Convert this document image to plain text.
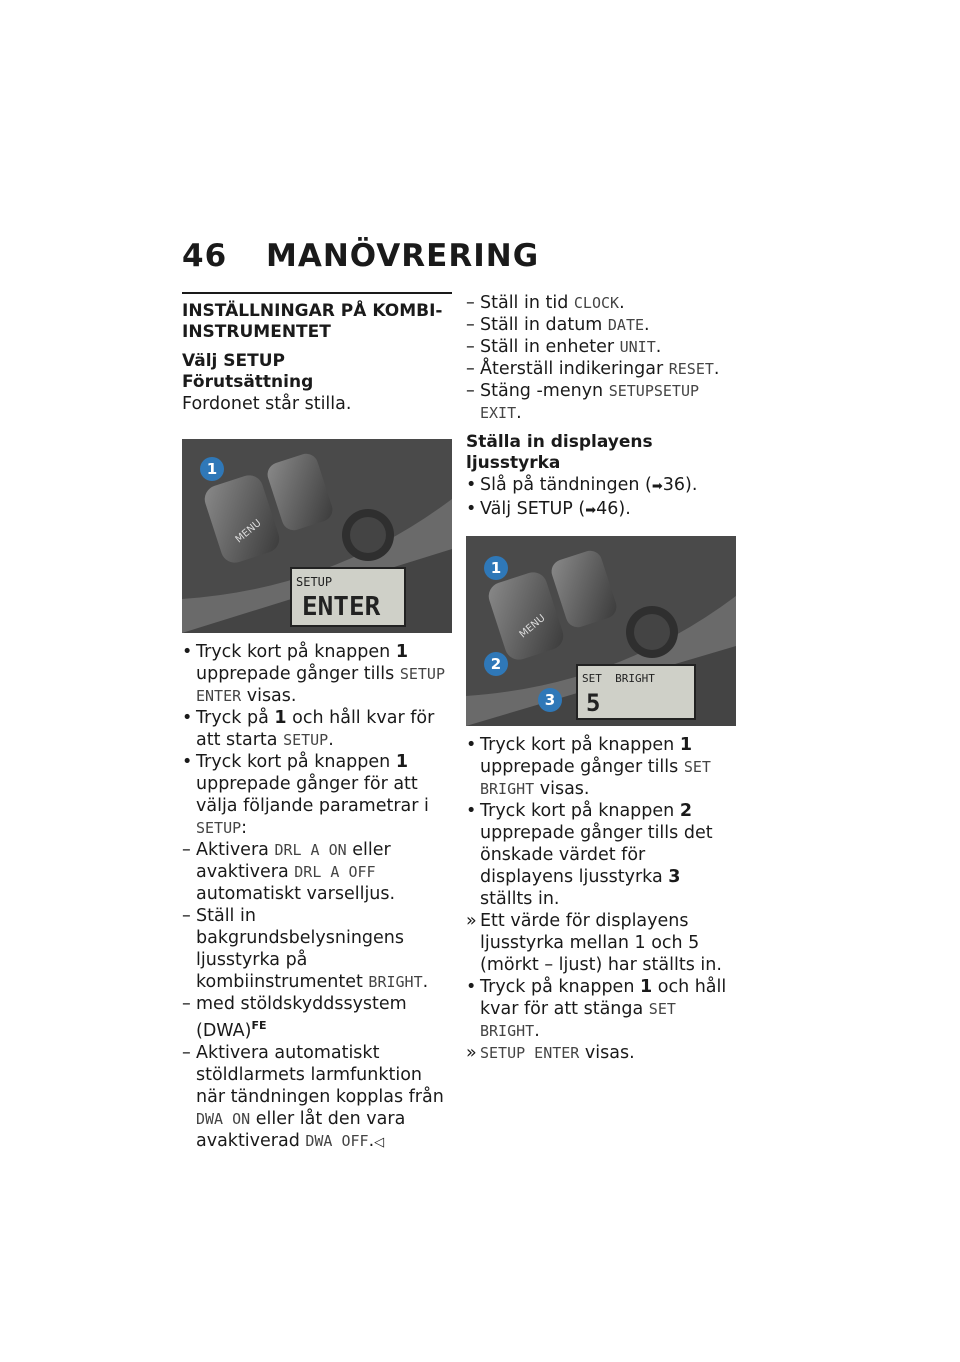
46 MANÖVRERING
INSTÄLLNINGAR PÅ KOMBI-INSTRUMENTET
Välj SETUP
Förutsättning
Fordonet står stilla.
MENU
1
SETUP
ENTER
• Tryck kort på knappen 1 upprepade gånger tills SETUP ENTER visas.
• Tryck på 1 och håll kvar för att starta SETUP.
• Tryck kort på knappen 1 upprepade gånger för att välja följande parametrar i SETUP:
– Aktivera DRL A ON eller avaktivera DRL A OFF automatiskt varselljus.
– Ställ in bakgrundsbelysningens ljusstyrka på kombiinstrumentet BRIGHT.
– med stöldskyddssystem (DWA)$^{FE}$
– Aktivera automatiskt stöldlarmets larmfunktion när tändningen kopplas från DWA ON eller låt den vara avaktiverad DWA OFF.◁
– Ställ in tid CLOCK.
– Ställ in datum DATE.
– Ställ in enheter UNIT.
– Återställ indikeringar RESET.
– Stäng -menyn SETUPSETUP EXIT.
Ställa in displayens ljusstyrka
• Slå på tändningen (➡36).
• Välj SETUP (➡46).
MENU
1
2
3
SET  BRIGHT
5
• Tryck kort på knappen 1 upprepade gånger tills SET BRIGHT visas.
• Tryck kort på knappen 2 upprepade gånger tills det önskade värdet för displayens ljusstyrka 3 ställts in.
» Ett värde för displayens ljusstyrka mellan 1 och 5 (mörkt – ljust) har ställts in.
• Tryck på knappen 1 och håll kvar för att stänga SET BRIGHT.
» SETUP ENTER visas.
